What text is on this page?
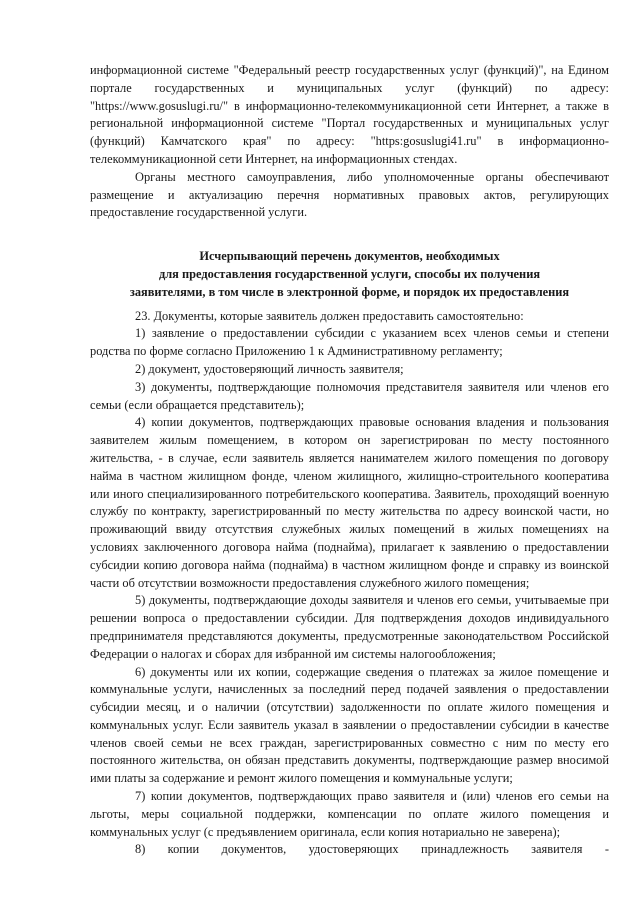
информационной системе "Федеральный реестр государственных услуг (функций)", на Едином портале государственных и муниципальных услуг (функций) по адресу: "https://www.gosuslugi.ru/" в информационно-телекоммуникационной сети Интернет, а также в региональной информационной системе "Портал государственных и муниципальных услуг (функций) Камчатского края" по адресу: "https:gosuslugi41.ru" в информационно-телекоммуникационной сети Интернет, на информационных стендах.

Органы местного самоуправления, либо уполномоченные органы обеспечивают размещение и актуализацию перечня нормативных правовых актов, регулирующих предоставление государственной услуги.

Исчерпывающий перечень документов, необходимых

для предоставления государственной услуги, способы их получения

заявителями, в том числе в электронной форме, и порядок их предоставления

23. Документы, которые заявитель должен предоставить самостоятельно:

1) заявление о предоставлении субсидии с указанием всех членов семьи и степени родства по форме согласно Приложению 1 к Административному регламенту;

2) документ, удостоверяющий личность заявителя;

3) документы, подтверждающие полномочия представителя заявителя или членов его семьи (если обращается представитель);

4) копии документов, подтверждающих правовые основания владения и пользования заявителем жилым помещением, в котором он зарегистрирован по месту постоянного жительства, - в случае, если заявитель является нанимателем жилого помещения по договору найма в частном жилищном фонде, членом жилищного, жилищно-строительного кооператива или иного специализированного потребительского кооператива. Заявитель, проходящий военную службу по контракту, зарегистрированный по месту жительства по адресу воинской части, но проживающий ввиду отсутствия служебных жилых помещений в жилых помещениях на условиях заключенного договора найма (поднайма), прилагает к заявлению о предоставлении субсидии копию договора найма (поднайма) в частном жилищном фонде и справку из воинской части об отсутствии возможности предоставления служебного жилого помещения;

5) документы, подтверждающие доходы заявителя и членов его семьи, учитываемые при решении вопроса о предоставлении субсидии. Для подтверждения доходов индивидуального предпринимателя представляются документы, предусмотренные законодательством Российской Федерации о налогах и сборах для избранной им системы налогообложения;

6) документы или их копии, содержащие сведения о платежах за жилое помещение и коммунальные услуги, начисленных за последний перед подачей заявления о предоставлении субсидии месяц, и о наличии (отсутствии) задолженности по оплате жилого помещения и коммунальных услуг. Если заявитель указал в заявлении о предоставлении субсидии в качестве членов своей семьи не всех граждан, зарегистрированных совместно с ним по месту его постоянного жительства, он обязан представить документы, подтверждающие размер вносимой ими платы за содержание и ремонт жилого помещения и коммунальные услуги;

7) копии документов, подтверждающих право заявителя и (или) членов его семьи на льготы, меры социальной поддержки, компенсации по оплате жилого помещения и коммунальных услуг (с предъявлением оригинала, если копия нотариально не заверена);

8) копии документов, удостоверяющих принадлежность заявителя -
